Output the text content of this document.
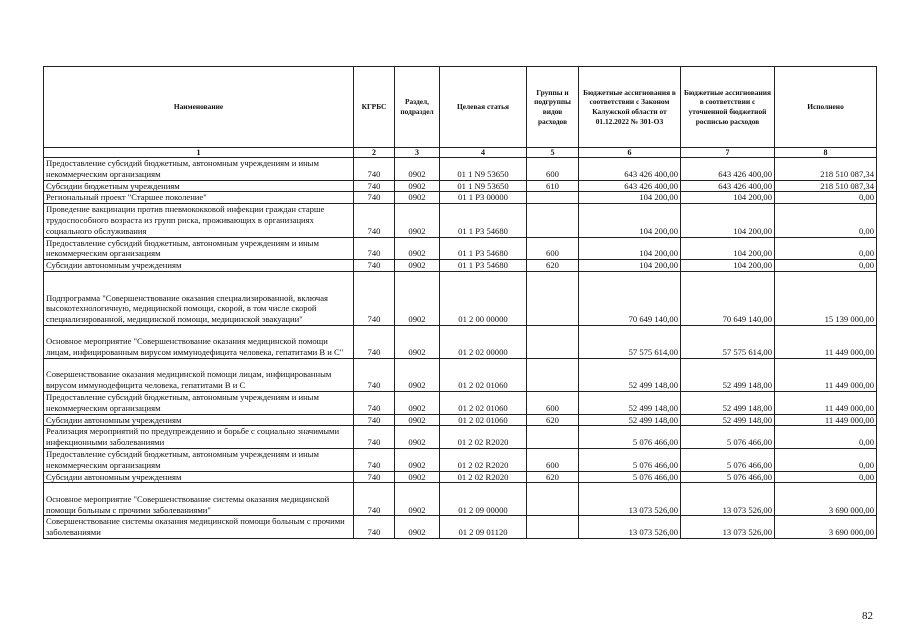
Наименование	КГРБС	Раздел, подраздел	Целевая статья	Группы и подгруппы видов расходов	Бюджетные ассигнования в соответствии с Законом Калужской области от 01.12.2022 № 301-ОЗ	Бюджетные ассигнования в соответствии с уточненной бюджетной росписью расходов	Исполнено
1	2	3	4	5	6	7	8
Предоставление субсидий бюджетным, автономным учреждениям и иным некоммерческим организациям	740	0902	01 1 N9 53650	600	643 426 400,00	643 426 400,00	218 510 087,34
Субсидии бюджетным учреждениям	740	0902	01 1 N9 53650	610	643 426 400,00	643 426 400,00	218 510 087,34
Региональный проект "Старшее поколение"	740	0902	01 1 P3 00000		104 200,00	104 200,00	0,00
Проведение вакцинации против пневмококковой инфекции граждан старше трудоспособного возраста из групп риска, проживающих в организациях социального обслуживания	740	0902	01 1 P3 54680		104 200,00	104 200,00	0,00
Предоставление субсидий бюджетным, автономным учреждениям и иным некоммерческим организациям	740	0902	01 1 P3 54680	600	104 200,00	104 200,00	0,00
Субсидии автономным учреждениям	740	0902	01 1 P3 54680	620	104 200,00	104 200,00	0,00
Подпрограмма "Совершенствование оказания специализированной, включая высокотехнологичную, медицинской помощи, скорой, в том числе скорой специализированной, медицинской помощи, медицинской эвакуации"	740	0902	01 2 00 00000		70 649 140,00	70 649 140,00	15 139 000,00
Основное мероприятие "Совершенствование оказания медицинской помощи лицам, инфицированным вирусом иммунодефицита человека, гепатитами В и С"	740	0902	01 2 02 00000		57 575 614,00	57 575 614,00	11 449 000,00
Совершенствование оказания медицинской помощи лицам, инфицированным вирусом иммунодефицита человека, гепатитами В и С	740	0902	01 2 02 01060		52 499 148,00	52 499 148,00	11 449 000,00
Предоставление субсидий бюджетным, автономным учреждениям и иным некоммерческим организациям	740	0902	01 2 02 01060	600	52 499 148,00	52 499 148,00	11 449 000,00
Субсидии автономным учреждениям	740	0902	01 2 02 01060	620	52 499 148,00	52 499 148,00	11 449 000,00
Реализация мероприятий по предупреждению и борьбе с социально значимыми инфекционными заболеваниями	740	0902	01 2 02 R2020		5 076 466,00	5 076 466,00	0,00
Предоставление субсидий бюджетным, автономным учреждениям и иным некоммерческим организациям	740	0902	01 2 02 R2020	600	5 076 466,00	5 076 466,00	0,00
Субсидии автономным учреждениям	740	0902	01 2 02 R2020	620	5 076 466,00	5 076 466,00	0,00
Основное мероприятие "Совершенствование системы оказания медицинской помощи больным с прочими заболеваниями"	740	0902	01 2 09 00000		13 073 526,00	13 073 526,00	3 690 000,00
Совершенствование системы оказания медицинской помощи больным с прочими заболеваниями	740	0902	01 2 09 01120		13 073 526,00	13 073 526,00	3 690 000,00
82
